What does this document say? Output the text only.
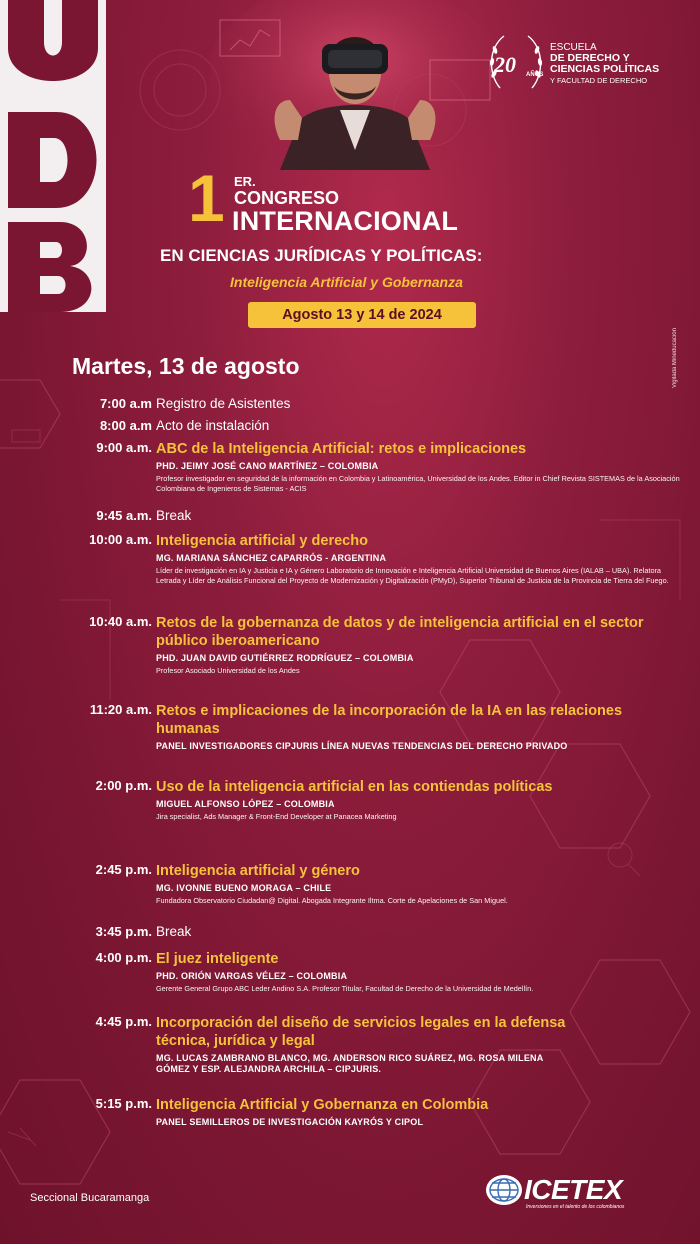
20 AÑOS
ESCUELA
DE DERECHO Y
CIENCIAS POLÍTICAS
Y FACULTAD DE DERECHO
1 ER.
CONGRESO
INTERNACIONAL
EN CIENCIAS JURÍDICAS Y POLÍTICAS:
Inteligencia Artificial y Gobernanza
Agosto 13 y 14 de 2024
Vigilada Mineducación
Martes, 13 de agosto
7:00 a.m Registro de Asistentes
8:00 a.m Acto de instalación
9:00 a.m. ABC de la Inteligencia Artificial: retos e implicaciones
PHD. JEIMY JOSÉ CANO MARTÍNEZ – COLOMBIA
Profesor investigador en seguridad de la información en Colombia y Latinoamérica, Universidad de los Andes. Editor in Chief Revista SISTEMAS de la Asociación Colombiana de Ingenieros de Sistemas - ACIS
9:45 a.m. Break
10:00 a.m. Inteligencia artificial y derecho
MG. MARIANA SÁNCHEZ CAPARRÓS - ARGENTINA
Líder de investigación en IA y Justicia e IA y Género Laboratorio de Innovación e Inteligencia Artificial Universidad de Buenos Aires (IALAB – UBA). Relatora Letrada y Líder de Análisis Funcional del Proyecto de Modernización y Digitalización (PMyD), Superior Tribunal de Justicia de la Provincia de Tierra del Fuego.
10:40 a.m. Retos de la gobernanza de datos y de inteligencia artificial en el sector público iberoamericano
PHD. JUAN DAVID GUTIÉRREZ RODRÍGUEZ – COLOMBIA
Profesor Asociado Universidad de los Andes
11:20 a.m. Retos e implicaciones de la incorporación de la IA en las relaciones humanas
PANEL INVESTIGADORES CIPJURIS LÍNEA NUEVAS TENDENCIAS DEL DERECHO PRIVADO
2:00 p.m. Uso de la inteligencia artificial en las contiendas políticas
MIGUEL ALFONSO LÓPEZ – COLOMBIA
Jira specialist, Ads Manager & Front-End Developer at Panacea Marketing
2:45 p.m. Inteligencia artificial y género
MG. IVONNE BUENO MORAGA – CHILE
Fundadora Observatorio Ciudadan@ Digital. Abogada Integrante Iltma. Corte de Apelaciones de San Miguel.
3:45 p.m. Break
4:00 p.m. El juez inteligente
PHD. ORIÓN VARGAS VÉLEZ – COLOMBIA
Gerente General Grupo ABC Leder Andino S.A. Profesor Titular, Facultad de Derecho de la Universidad de Medellín.
4:45 p.m. Incorporación del diseño de servicios legales en la defensa técnica, jurídica y legal
MG. LUCAS ZAMBRANO BLANCO, MG. ANDERSON RICO SUÁREZ, MG. ROSA MILENA GÓMEZ Y ESP. ALEJANDRA ARCHILA – CIPJURIS.
5:15 p.m. Inteligencia Artificial y Gobernanza en Colombia
PANEL SEMILLEROS DE INVESTIGACIÓN KAYRÓS Y CIPOL
Seccional Bucaramanga	ICETEX
Inversiones en el talento de los colombianos
